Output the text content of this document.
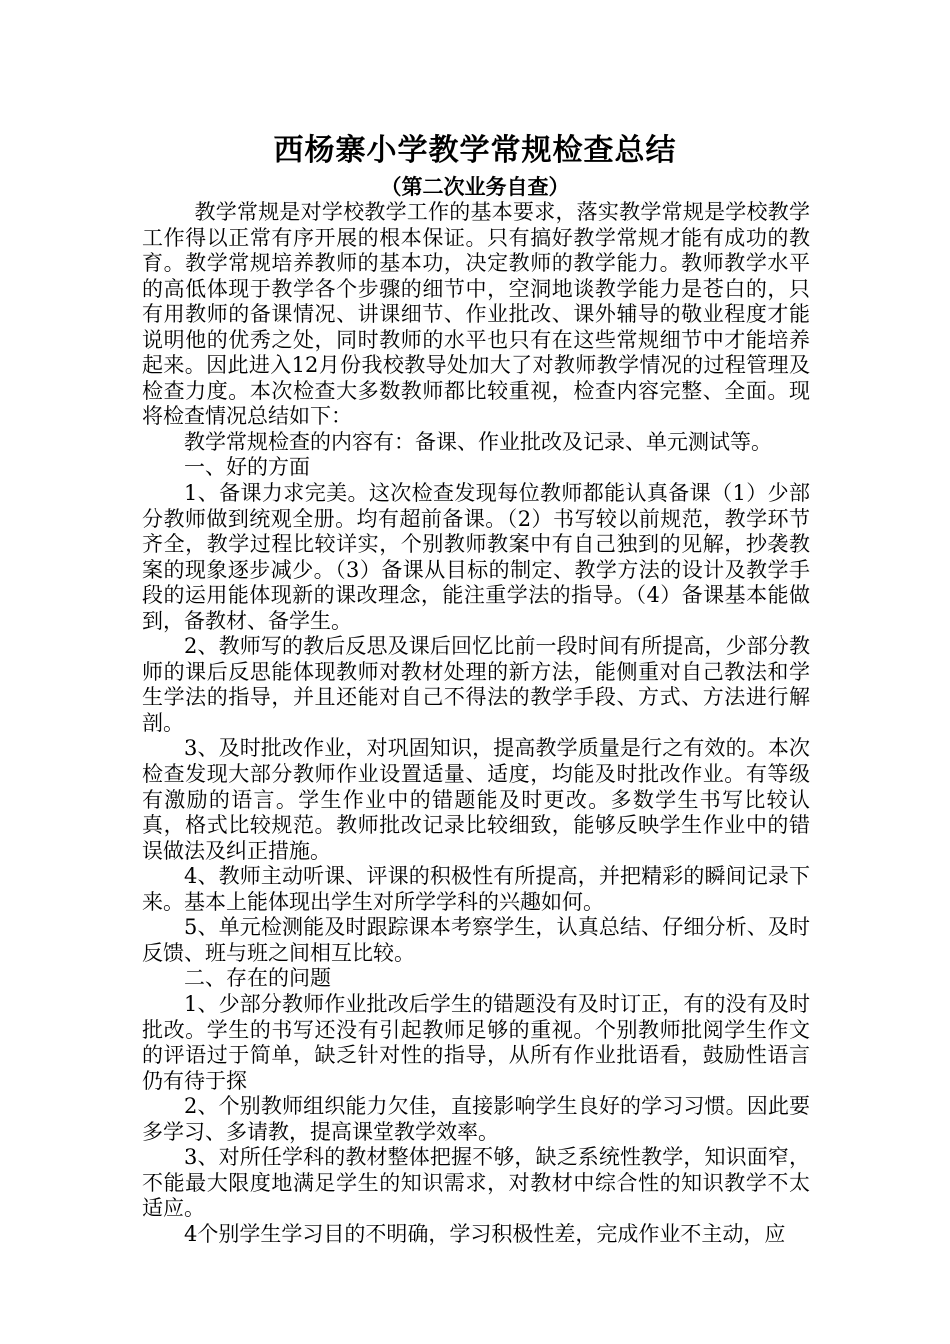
西杨寨小学教学常规检查总结
（第二次业务自查）

教学常规是对学校教学工作的基本要求，落实教学常规是学校教学工作得以正常有序开展的根本保证。只有搞好教学常规才能有成功的教育。教学常规培养教师的基本功，决定教师的教学能力。教师教学水平的高低体现于教学各个步骤的细节中，空洞地谈教学能力是苍白的，只有用教师的备课情况、讲课细节、作业批改、课外辅导的敬业程度才能说明他的优秀之处，同时教师的水平也只有在这些常规细节中才能培养起来。因此进入12月份我校教导处加大了对教师教学情况的过程管理及检查力度。本次检查大多数教师都比较重视，检查内容完整、全面。现将检查情况总结如下：

教学常规检查的内容有：备课、作业批改及记录、单元测试等。

一、好的方面

1、备课力求完美。这次检查发现每位教师都能认真备课（1）少部分教师做到统观全册。均有超前备课。（2）书写较以前规范，教学环节齐全，教学过程比较详实，个别教师教案中有自己独到的见解，抄袭教案的现象逐步减少。（3）备课从目标的制定、教学方法的设计及教学手段的运用能体现新的课改理念，能注重学法的指导。（4）备课基本能做到，备教材、备学生。

2、教师写的教后反思及课后回忆比前一段时间有所提高，少部分教师的课后反思能体现教师对教材处理的新方法，能侧重对自己教法和学生学法的指导，并且还能对自己不得法的教学手段、方式、方法进行解剖。

3、及时批改作业，对巩固知识，提高教学质量是行之有效的。本次检查发现大部分教师作业设置适量、适度，均能及时批改作业。有等级有激励的语言。学生作业中的错题能及时更改。多数学生书写比较认真，格式比较规范。教师批改记录比较细致，能够反映学生作业中的错误做法及纠正措施。

4、教师主动听课、评课的积极性有所提高，并把精彩的瞬间记录下来。基本上能体现出学生对所学学科的兴趣如何。

5、单元检测能及时跟踪课本考察学生，认真总结、仔细分析、及时反馈、班与班之间相互比较。

二、存在的问题

1、少部分教师作业批改后学生的错题没有及时订正，有的没有及时批改。学生的书写还没有引起教师足够的重视。个别教师批阅学生作文的评语过于简单，缺乏针对性的指导，从所有作业批语看，鼓励性语言仍有待于探

2、个别教师组织能力欠佳，直接影响学生良好的学习习惯。因此要多学习、多请教，提高课堂教学效率。

3、对所任学科的教材整体把握不够，缺乏系统性教学，知识面窄，不能最大限度地满足学生的知识需求，对教材中综合性的知识教学不太适应。

4个别学生学习目的不明确，学习积极性差，完成作业不主动，应
